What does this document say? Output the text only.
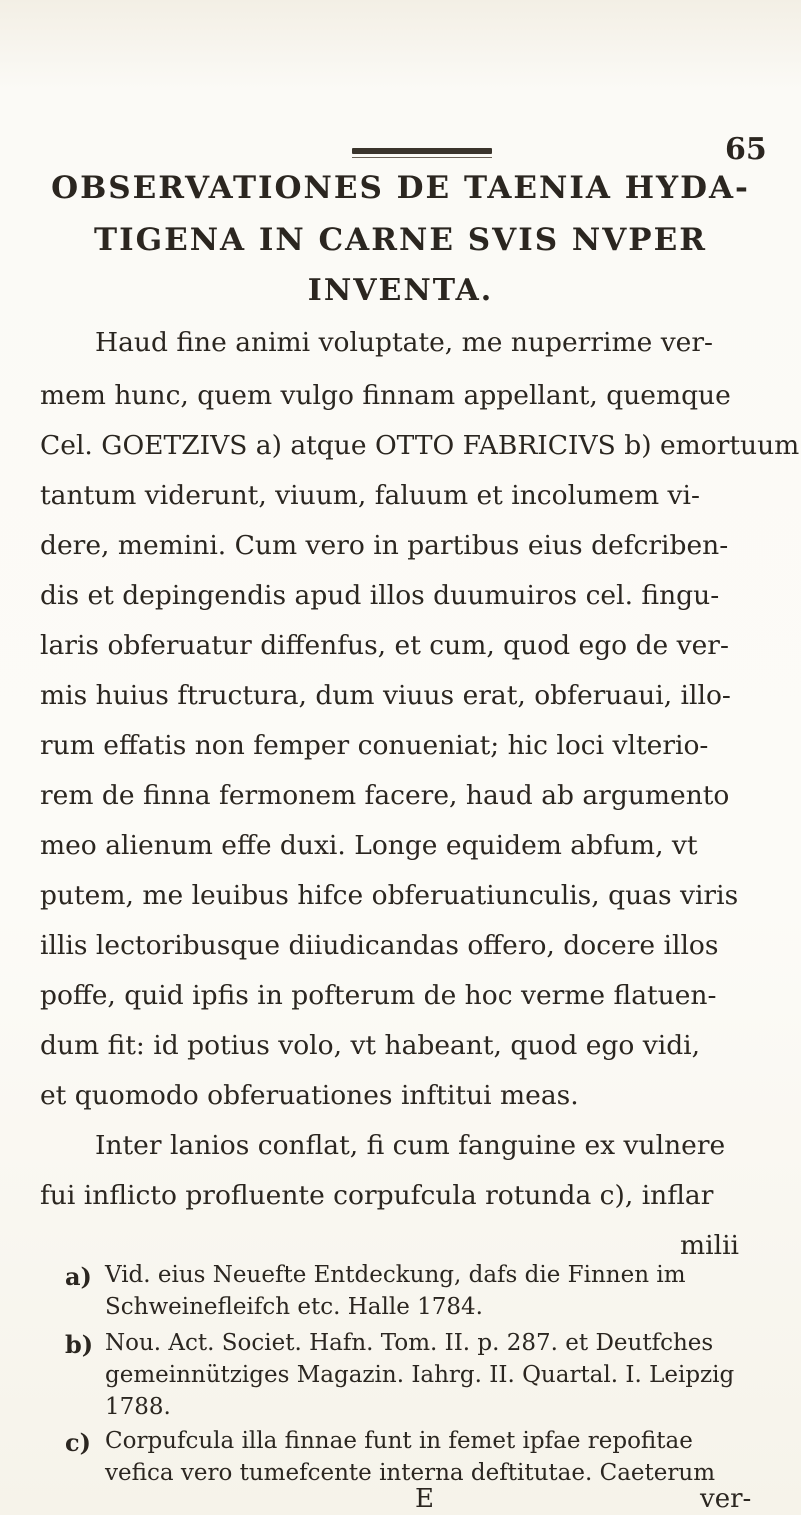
65
OBSERVATIONES DE TAENIA HYDA-
TIGENA IN CARNE SVIS NVPER
INVENTA.
Haud fine animi voluptate, me nuperrime ver-
mem hunc, quem vulgo finnam appellant, quemque
Cel. GOETZIVS a) atque OTTO FABRICIVS b) emortuum
tantum viderunt, viuum, faluum et incolumem vi-
dere, memini. Cum vero in partibus eius defcriben-
dis et depingendis apud illos duumuiros cel. fingu-
laris obferuatur diffenfus, et cum, quod ego de ver-
mis huius ftructura, dum viuus erat, obferuaui, illo-
rum effatis non femper conueniat; hic loci vlterio-
rem de finna fermonem facere, haud ab argumento
meo alienum effe duxi. Longe equidem abfum, vt
putem, me leuibus hifce obferuatiunculis, quas viris
illis lectoribusque diiudicandas offero, docere illos
poffe, quid ipfis in pofterum de hoc verme flatuen-
dum fit: id potius volo, vt habeant, quod ego vidi,
et quomodo obferuationes inftitui meas.
Inter lanios conflat, fi cum fanguine ex vulnere
fui inflicto profluente corpufcula rotunda c), inflar
milii
a) Vid. eius Neuefte Entdeckung, dafs die Finnen im
Schweinefleifch etc. Halle 1784.
b) Nou. Act. Societ. Hafn. Tom. II. p. 287. et Deutfches
gemeinnütziges Magazin. Iahrg. II. Quartal. I. Leipzig
1788.
c) Corpufcula illa finnae funt in femet ipfae repofitae
vefica vero tumefcente interna deftitutae. Caeterum
E	ver-
